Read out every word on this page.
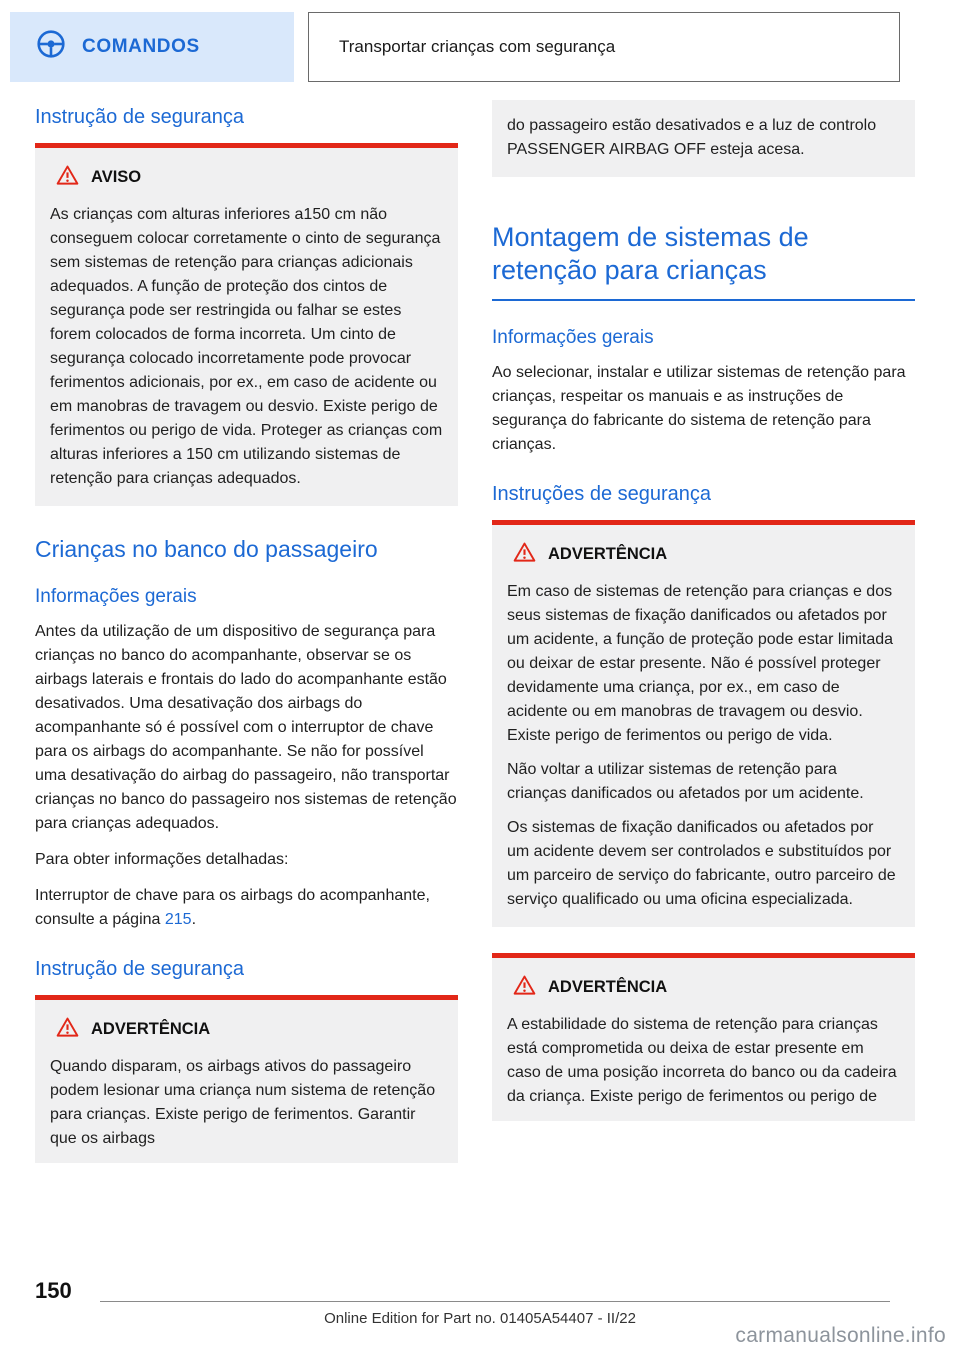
COMANDOS	Transportar crianças com segurança
Instrução de segurança
AVISO

As crianças com alturas inferiores a150 cm não conseguem colocar corretamente o cinto de segurança sem sistemas de retenção para crianças adicionais adequados. A função de proteção dos cintos de segurança pode ser restringida ou falhar se estes forem colocados de forma incorreta. Um cinto de segurança colocado incorretamente pode provocar ferimentos adicionais, por ex., em caso de acidente ou em manobras de travagem ou desvio. Existe perigo de ferimentos ou perigo de vida. Proteger as crianças com alturas inferiores a 150 cm utilizando sistemas de retenção para crianças adequados.

Crianças no banco do passageiro
Informações gerais

Antes da utilização de um dispositivo de segurança para crianças no banco do acompanhante, observar se os airbags laterais e frontais do lado do acompanhante estão desativados. Uma desativação dos airbags do acompanhante só é possível com o interruptor de chave para os airbags do acompanhante. Se não for possível uma desativação do airbag do passageiro, não transportar crianças no banco do passageiro nos sistemas de retenção para crianças adequados.

Para obter informações detalhadas:

Interruptor de chave para os airbags do acompanhante, consulte a página 215.

Instrução de segurança
ADVERTÊNCIA

Quando disparam, os airbags ativos do passageiro podem lesionar uma criança num sistema de retenção para crianças. Existe perigo de ferimentos. Garantir que os airbags

do passageiro estão desativados e a luz de controlo PASSENGER AIRBAG OFF esteja acesa.

Montagem de sistemas de retenção para crianças
Informações gerais

Ao selecionar, instalar e utilizar sistemas de retenção para crianças, respeitar os manuais e as instruções de segurança do fabricante do sistema de retenção para crianças.

Instruções de segurança
ADVERTÊNCIA

Em caso de sistemas de retenção para crianças e dos seus sistemas de fixação danificados ou afetados por um acidente, a função de proteção pode estar limitada ou deixar de estar presente. Não é possível proteger devidamente uma criança, por ex., em caso de acidente ou em manobras de travagem ou desvio. Existe perigo de ferimentos ou perigo de vida.

Não voltar a utilizar sistemas de retenção para crianças danificados ou afetados por um acidente.

Os sistemas de fixação danificados ou afetados por um acidente devem ser controlados e substituídos por um parceiro de serviço do fabricante, outro parceiro de serviço qualificado ou uma oficina especializada.

ADVERTÊNCIA

A estabilidade do sistema de retenção para crianças está comprometida ou deixa de estar presente em caso de uma posição incorreta do banco ou da cadeira da criança. Existe perigo de ferimentos ou perigo de

150
Online Edition for Part no. 01405A54407 - II/22
carmanualsonline.info
